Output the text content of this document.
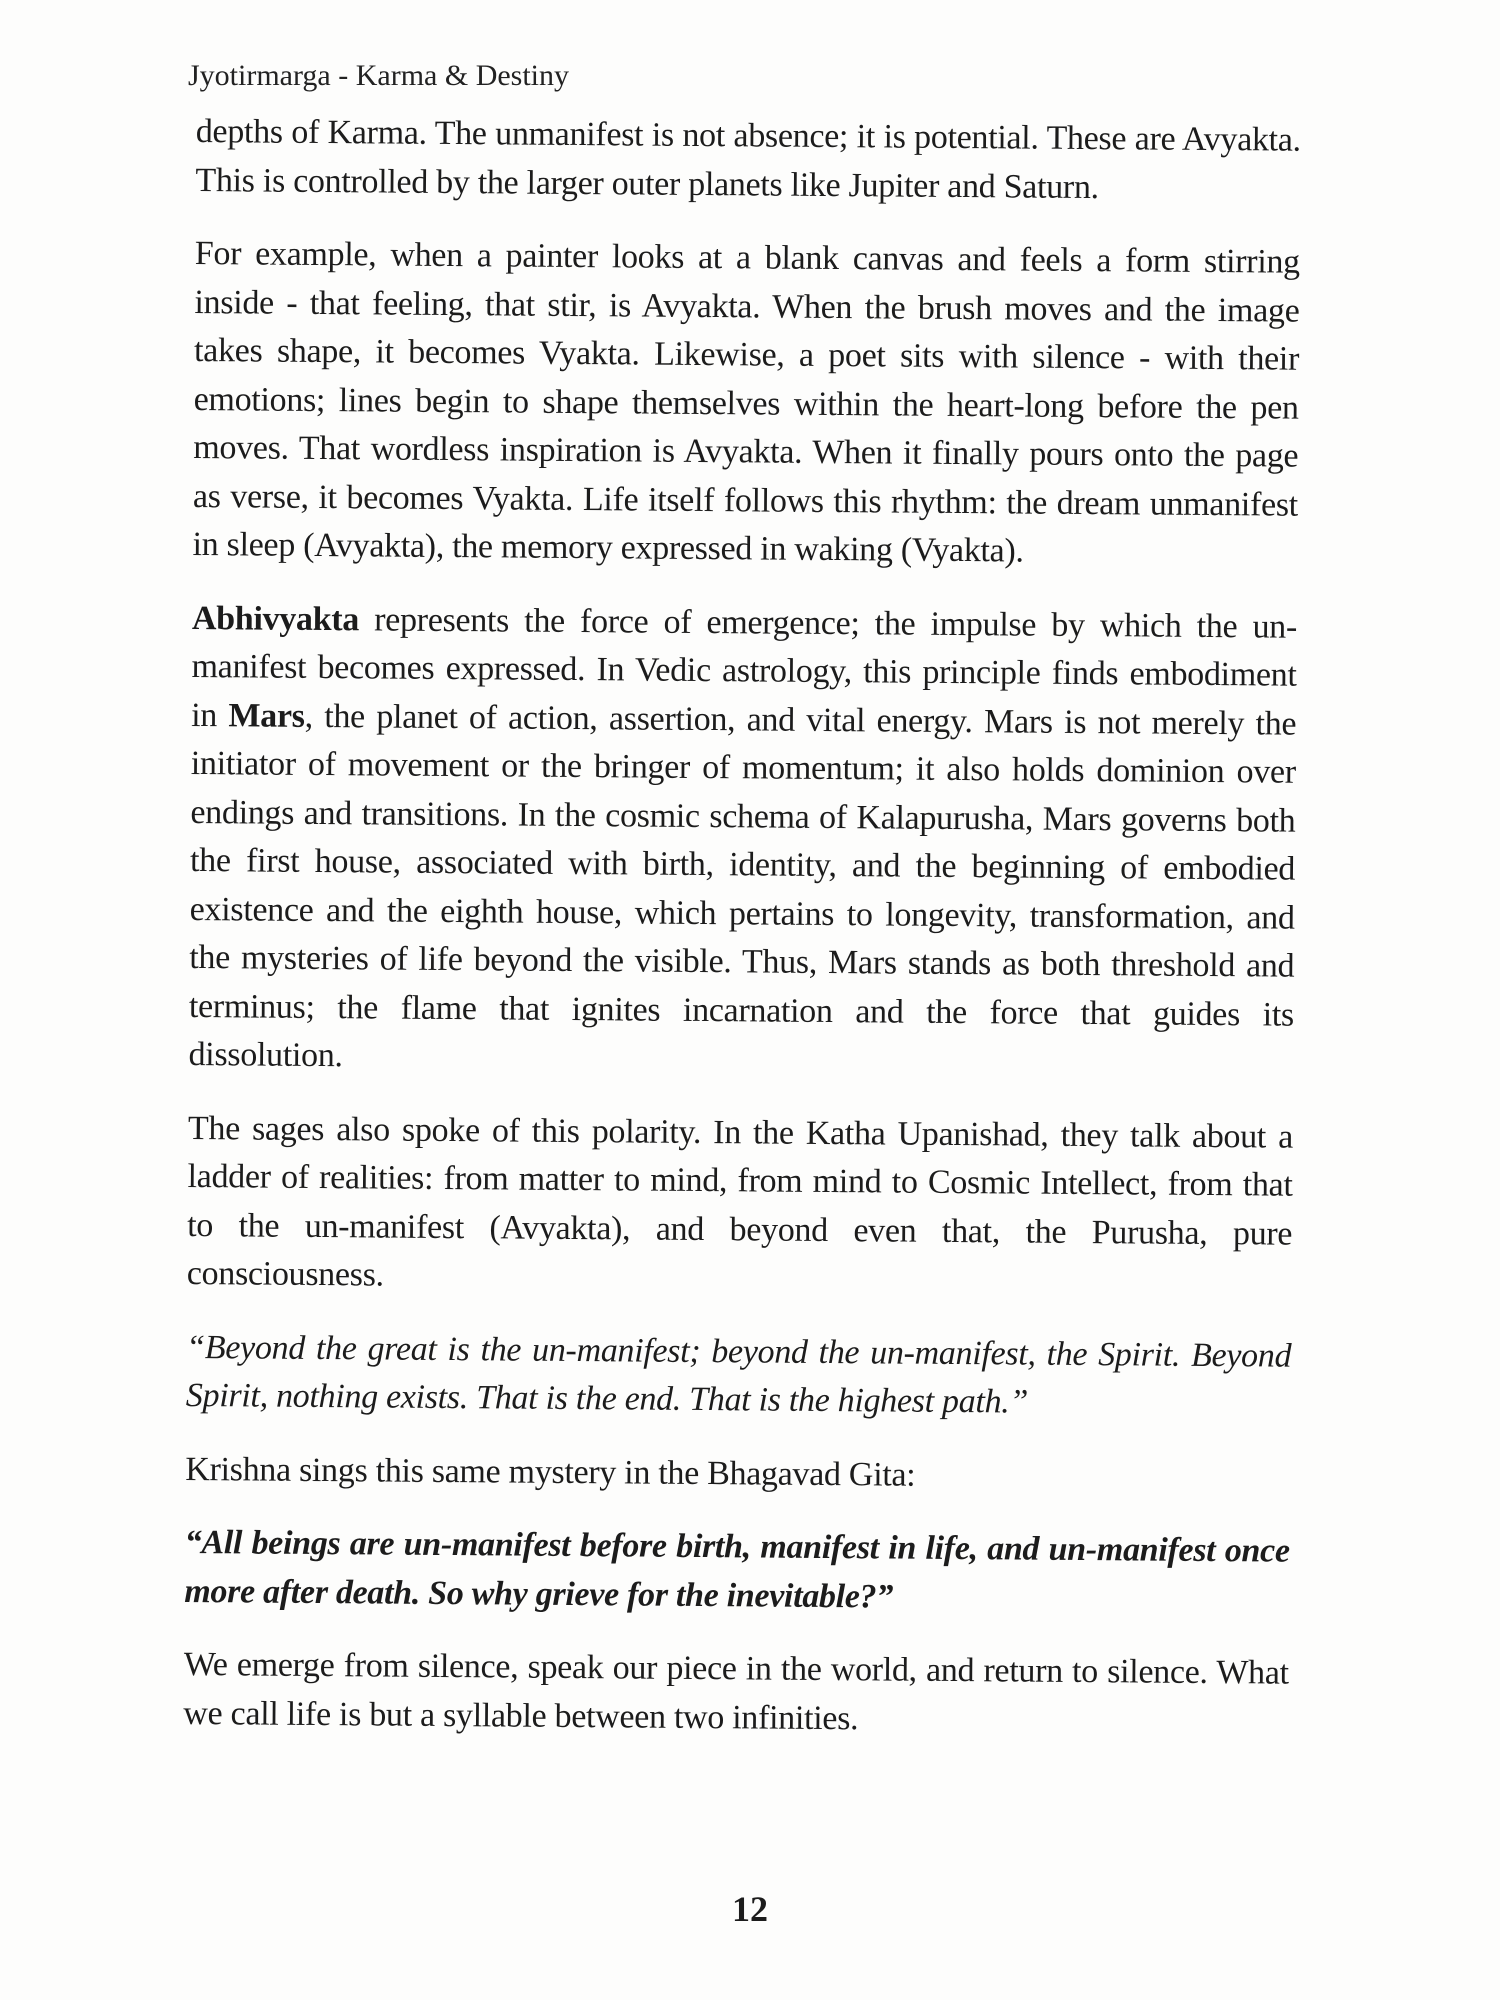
Jyotirmarga - Karma & Destiny

depths of Karma. The unmanifest is not absence; it is potential. These are Avyakta. This is controlled by the larger outer planets like Jupiter and Saturn.

For example, when a painter looks at a blank canvas and feels a form stirring inside - that feeling, that stir, is Avyakta. When the brush moves and the image takes shape, it becomes Vyakta. Likewise, a poet sits with silence - with their emotions; lines begin to shape themselves within the heart-long before the pen moves. That wordless inspiration is Avyakta. When it finally pours onto the page as verse, it becomes Vyakta. Life itself follows this rhythm: the dream unmanifest in sleep (Avyakta), the memory expressed in waking (Vyakta).

Abhivyakta represents the force of emergence; the impulse by which the un-manifest becomes expressed. In Vedic astrology, this principle finds embodiment in Mars, the planet of action, assertion, and vital energy. Mars is not merely the initiator of movement or the bringer of momentum; it also holds dominion over endings and transitions. In the cosmic schema of Kalapurusha, Mars governs both the first house, associated with birth, identity, and the beginning of embodied existence and the eighth house, which pertains to longevity, transformation, and the mysteries of life beyond the visible. Thus, Mars stands as both threshold and terminus; the flame that ignites incarnation and the force that guides its dissolution.

The sages also spoke of this polarity. In the Katha Upanishad, they talk about a ladder of realities: from matter to mind, from mind to Cosmic Intellect, from that to the un-manifest (Avyakta), and beyond even that, the Purusha, pure consciousness.

“Beyond the great is the un-manifest; beyond the un-manifest, the Spirit. Beyond Spirit, nothing exists. That is the end. That is the highest path.”

Krishna sings this same mystery in the Bhagavad Gita:

“All beings are un-manifest before birth, manifest in life, and un-manifest once more after death. So why grieve for the inevitable?”

We emerge from silence, speak our piece in the world, and return to silence. What we call life is but a syllable between two infinities.

12
